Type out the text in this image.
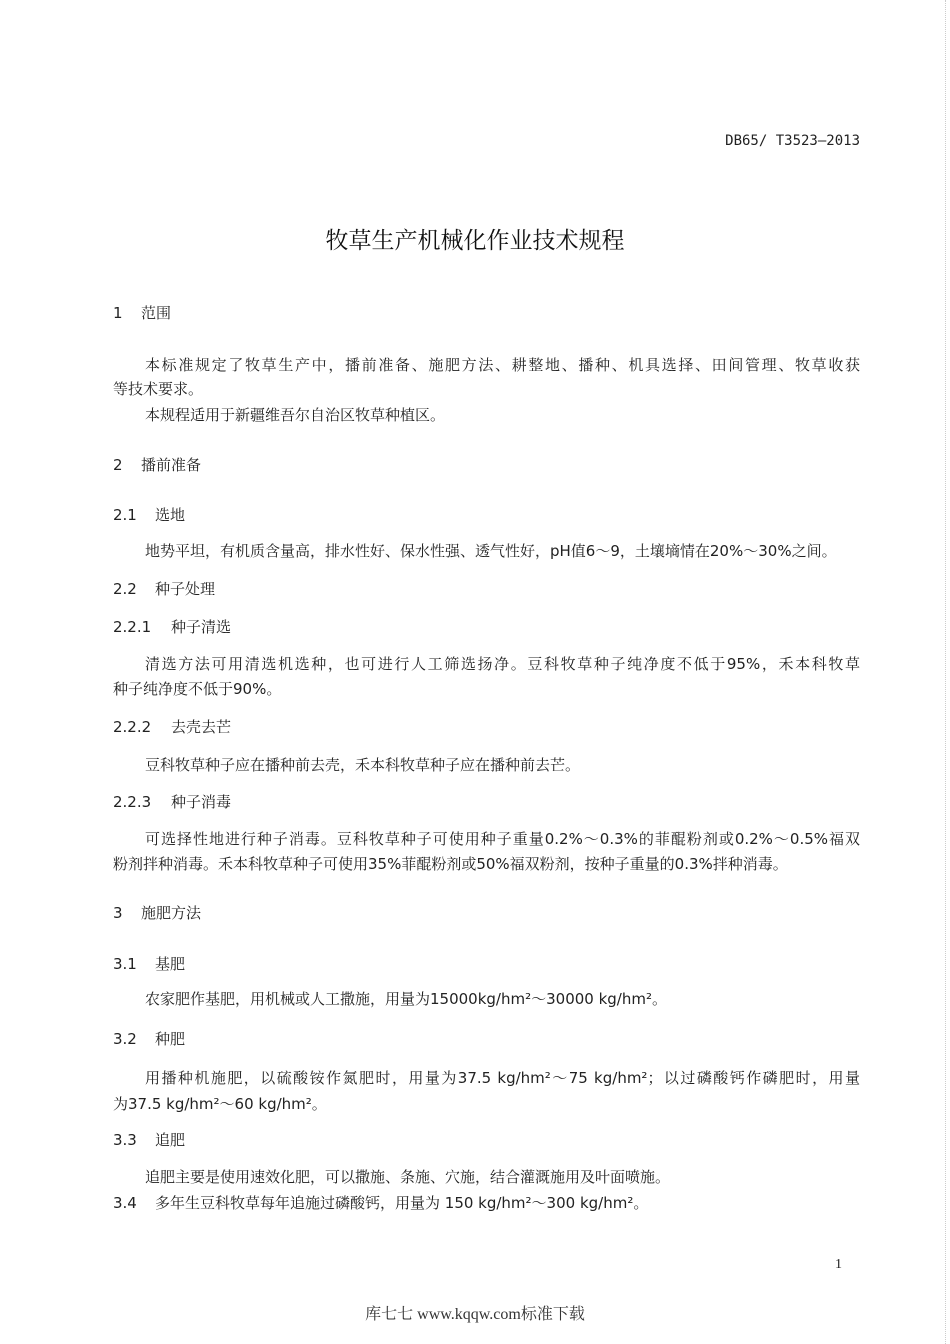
DB65/ T3523—2013
牧草生产机械化作业技术规程
1 范围
本标准规定了牧草生产中，播前准备、施肥方法、耕整地、播种、机具选择、田间管理、牧草收获
等技术要求。
本规程适用于新疆维吾尔自治区牧草种植区。
2 播前准备
2.1 选地
地势平坦，有机质含量高，排水性好、保水性强、透气性好，pH值6～9，土壤墒情在20%～30%之间。
2.2 种子处理
2.2.1 种子清选
清选方法可用清选机选种，也可进行人工筛选扬净。豆科牧草种子纯净度不低于95%，禾本科牧草
种子纯净度不低于90%。
2.2.2 去壳去芒
豆科牧草种子应在播种前去壳，禾本科牧草种子应在播种前去芒。
2.2.3 种子消毒
可选择性地进行种子消毒。豆科牧草种子可使用种子重量0.2%～0.3%的菲醌粉剂或0.2%～0.5%福双
粉剂拌种消毒。禾本科牧草种子可使用35%菲醌粉剂或50%福双粉剂，按种子重量的0.3%拌种消毒。
3 施肥方法
3.1 基肥
农家肥作基肥，用机械或人工撒施，用量为15000kg/hm²～30000 kg/hm²。
3.2 种肥
用播种机施肥，以硫酸铵作氮肥时，用量为37.5 kg/hm²～75 kg/hm²；以过磷酸钙作磷肥时，用量
为37.5 kg/hm²～60 kg/hm²。
3.3 追肥
追肥主要是使用速效化肥，可以撒施、条施、穴施，结合灌溉施用及叶面喷施。
3.4 多年生豆科牧草每年追施过磷酸钙，用量为 150 kg/hm²～300 kg/hm²。
1
库七七 www.kqqw.com标准下载
